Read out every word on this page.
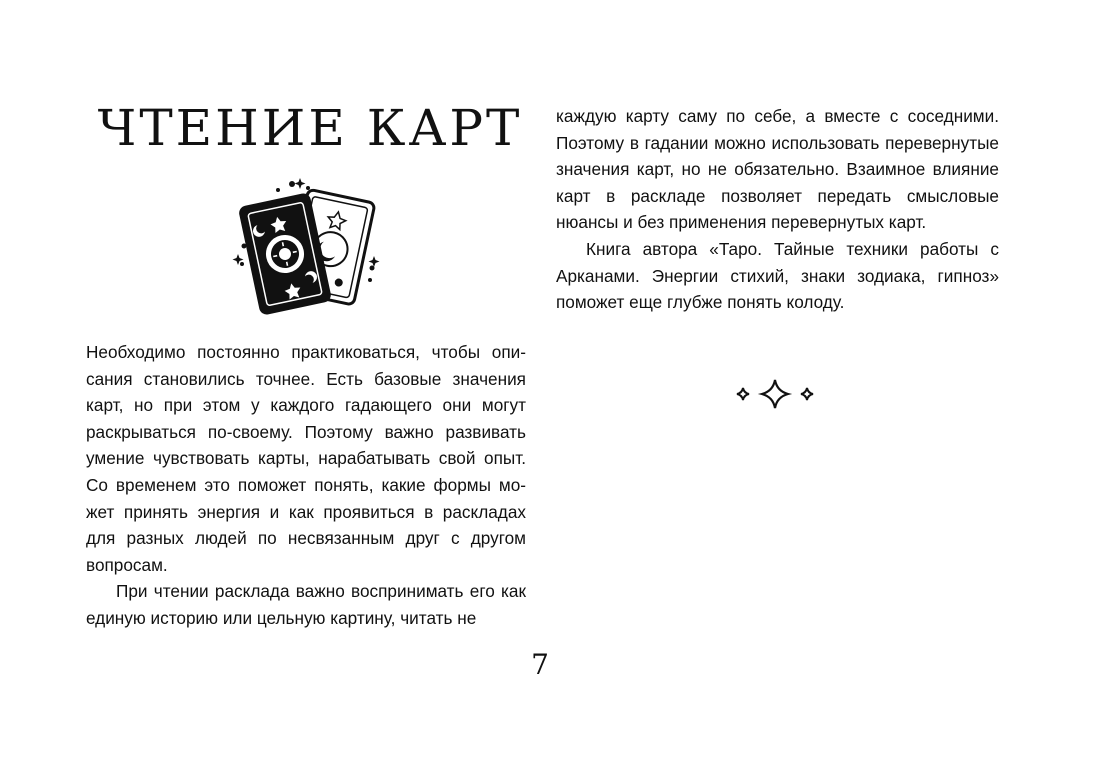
ЧТЕНИЕ КАРТ

Необходимо постоянно практиковаться, чтобы описания становились точнее. Есть базовые значения карт, но при этом у каждого гадающего они могут раскрываться по-своему. Поэтому важно развивать умение чувствовать карты, нарабатывать свой опыт. Со временем это поможет понять, какие формы может принять энергия и как проявиться в раскладах для разных людей по несвязанным друг с другом вопросам.

При чтении расклада важно воспринимать его как единую историю или цельную картину, читать не

каждую карту саму по себе, а вместе с соседними. Поэтому в гадании можно использовать перевернутые значения карт, но не обязательно. Взаимное влияние карт в раскладе позволяет передать смысловые нюансы и без применения перевернутых карт.

Книга автора «Таро. Тайные техники работы с Арканами. Энергии стихий, знаки зодиака, гипноз» поможет еще глубже понять колоду.

7
